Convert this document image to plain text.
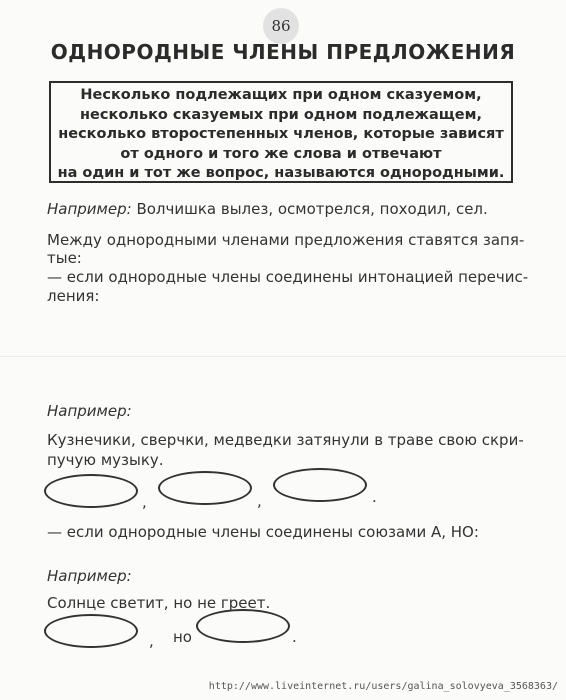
86
ОДНОРОДНЫЕ ЧЛЕНЫ ПРЕДЛОЖЕНИЯ
Несколько подлежащих при одном сказуемом,
несколько сказуемых при одном подлежащем,
несколько второстепенных членов, которые зависят
от одного и того же слова и отвечают
на один и тот же вопрос, называются однородными.
Например: Волчишка вылез, осмотрелся, походил, сел.
Между однородными членами предложения ставятся запя-
тые:
— если однородные члены соединены интонацией перечис-
ления:
Например:
Кузнечики, сверчки, медведки затянули в траве свою скри-
пучую музыку.
,	,	.
— если однородные члены соединены союзами А, НО:
Например:
Солнце светит, но не греет.
, но	.
http://www.liveinternet.ru/users/galina_solovyeva_3568363/
